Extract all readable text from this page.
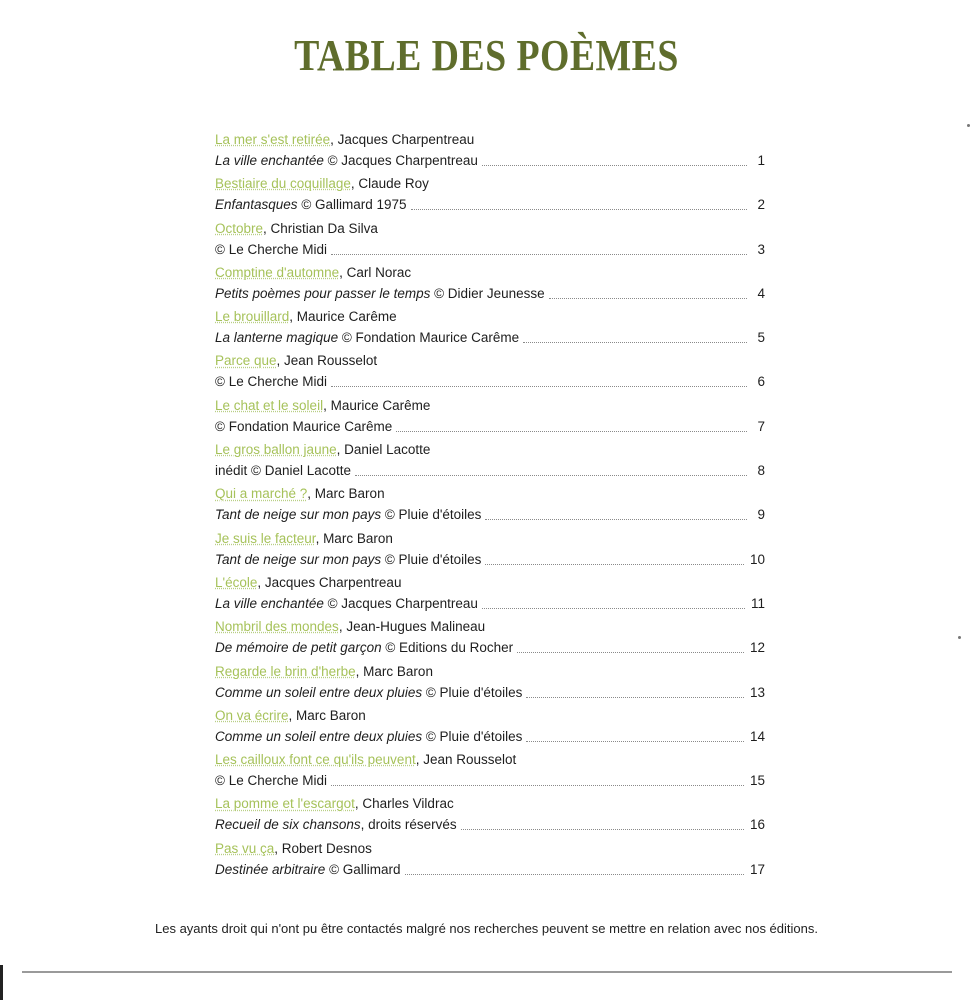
TABLE DES POÈMES
La mer s'est retirée, Jacques Charpentreau
La ville enchantée © Jacques Charpentreau	1
Bestiaire du coquillage, Claude Roy
Enfantasques © Gallimard 1975	2
Octobre, Christian Da Silva
© Le Cherche Midi	3
Comptine d'automne, Carl Norac
Petits poèmes pour passer le temps © Didier Jeunesse	4
Le brouillard, Maurice Carême
La lanterne magique © Fondation Maurice Carême	5
Parce que, Jean Rousselot
© Le Cherche Midi	6
Le chat et le soleil, Maurice Carême
© Fondation Maurice Carême	7
Le gros ballon jaune, Daniel Lacotte
inédit © Daniel Lacotte	8
Qui a marché ?, Marc Baron
Tant de neige sur mon pays © Pluie d'étoiles	9
Je suis le facteur, Marc Baron
Tant de neige sur mon pays © Pluie d'étoiles	10
L'école, Jacques Charpentreau
La ville enchantée © Jacques Charpentreau	11
Nombril des mondes, Jean-Hugues Malineau
De mémoire de petit garçon © Editions du Rocher	12
Regarde le brin d'herbe, Marc Baron
Comme un soleil entre deux pluies © Pluie d'étoiles	13
On va écrire, Marc Baron
Comme un soleil entre deux pluies © Pluie d'étoiles	14
Les cailloux font ce qu'ils peuvent, Jean Rousselot
© Le Cherche Midi	15
La pomme et l'escargot, Charles Vildrac
Recueil de six chansons, droits réservés	16
Pas vu ça, Robert Desnos
Destinée arbitraire © Gallimard	17
Les ayants droit qui n'ont pu être contactés malgré nos recherches peuvent se mettre en relation avec nos éditions.
